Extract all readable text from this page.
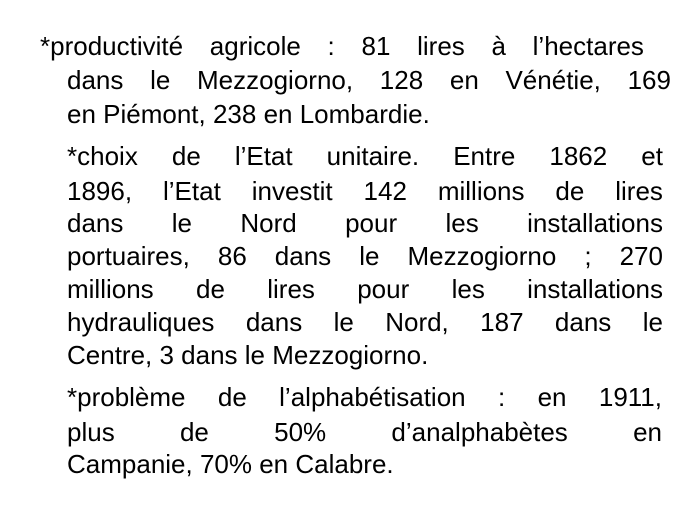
*productivité agricole : 81 lires à l’hectares
dans le Mezzogiorno, 128 en Vénétie, 169
en Piémont, 238 en Lombardie.
*choix de l’Etat unitaire. Entre 1862 et
1896, l’Etat investit 142 millions de lires
dans le Nord pour les installations
portuaires, 86 dans le Mezzogiorno ; 270
millions de lires pour les installations
hydrauliques dans le Nord, 187 dans le
Centre, 3 dans le Mezzogiorno.
*problème de l’alphabétisation : en 1911,
plus	de	50%	d’analphabètes	en
Campanie, 70% en Calabre.
